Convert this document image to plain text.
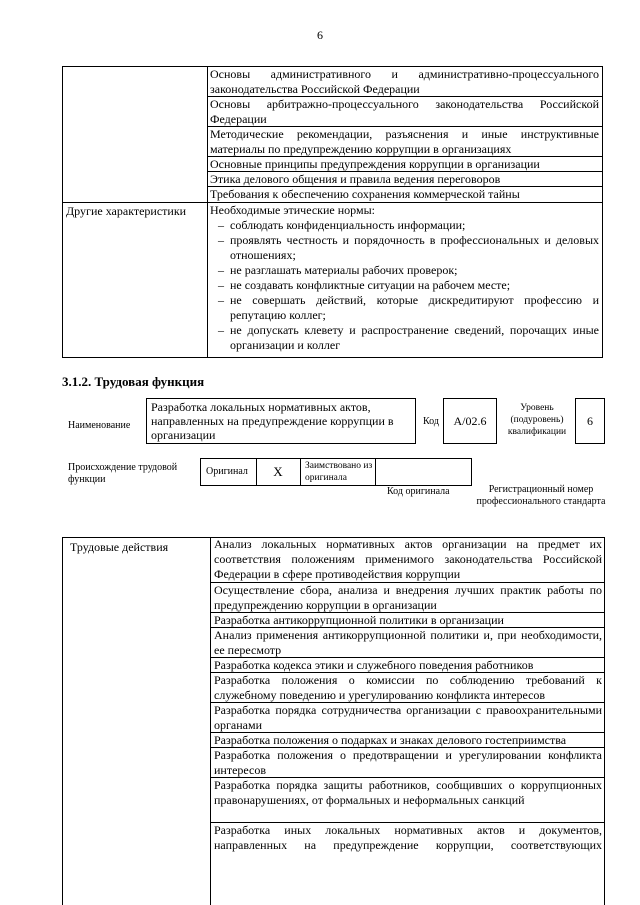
6
Основы административного и административно-процессуального законодательства Российской Федерации
Основы арбитражно-процессуального законодательства Российской Федерации
Методические рекомендации, разъяснения и иные инструктивные материалы по предупреждению коррупции в организациях
Основные принципы предупреждения коррупции в организации
Этика делового общения и правила ведения переговоров
Требования к обеспечению сохранения коммерческой тайны
Другие характеристики	Необходимые этические нормы:
– соблюдать конфиденциальность информации;
– проявлять честность и порядочность в профессиональных и деловых отношениях;
– не разглашать материалы рабочих проверок;
– не создавать конфликтные ситуации на рабочем месте;
– не совершать действий, которые дискредитируют профессию и репутацию коллег;
– не допускать клевету и распространение сведений, порочащих иные организации и коллег
3.1.2. Трудовая функция
Наименование
Разработка локальных нормативных актов, направленных на предупреждение коррупции в организации
Код	А/02.6
Уровень (подуровень) квалификации
6
Происхождение трудовой функции
Оригинал	X	Заимствовано из оригинала
Код оригинала	Регистрационный номер профессионального стандарта
Трудовые действия	Анализ локальных нормативных актов организации на предмет их соответствия положениям применимого законодательства Российской Федерации в сфере противодействия коррупции
Осуществление сбора, анализа и внедрения лучших практик работы по предупреждению коррупции в организации
Разработка антикоррупционной политики в организации
Анализ применения антикоррупционной политики и, при необходимости, ее пересмотр
Разработка кодекса этики и служебного поведения работников
Разработка положения о комиссии по соблюдению требований к служебному поведению и урегулированию конфликта интересов
Разработка порядка сотрудничества организации с правоохранительными органами
Разработка положения о подарках и знаках делового гостеприимства
Разработка положения о предотвращении и урегулировании конфликта интересов
Разработка порядка защиты работников, сообщивших о коррупционных правонарушениях, от формальных и неформальных санкций
Разработка иных локальных нормативных актов и документов, направленных на предупреждение коррупции, соответствующих
